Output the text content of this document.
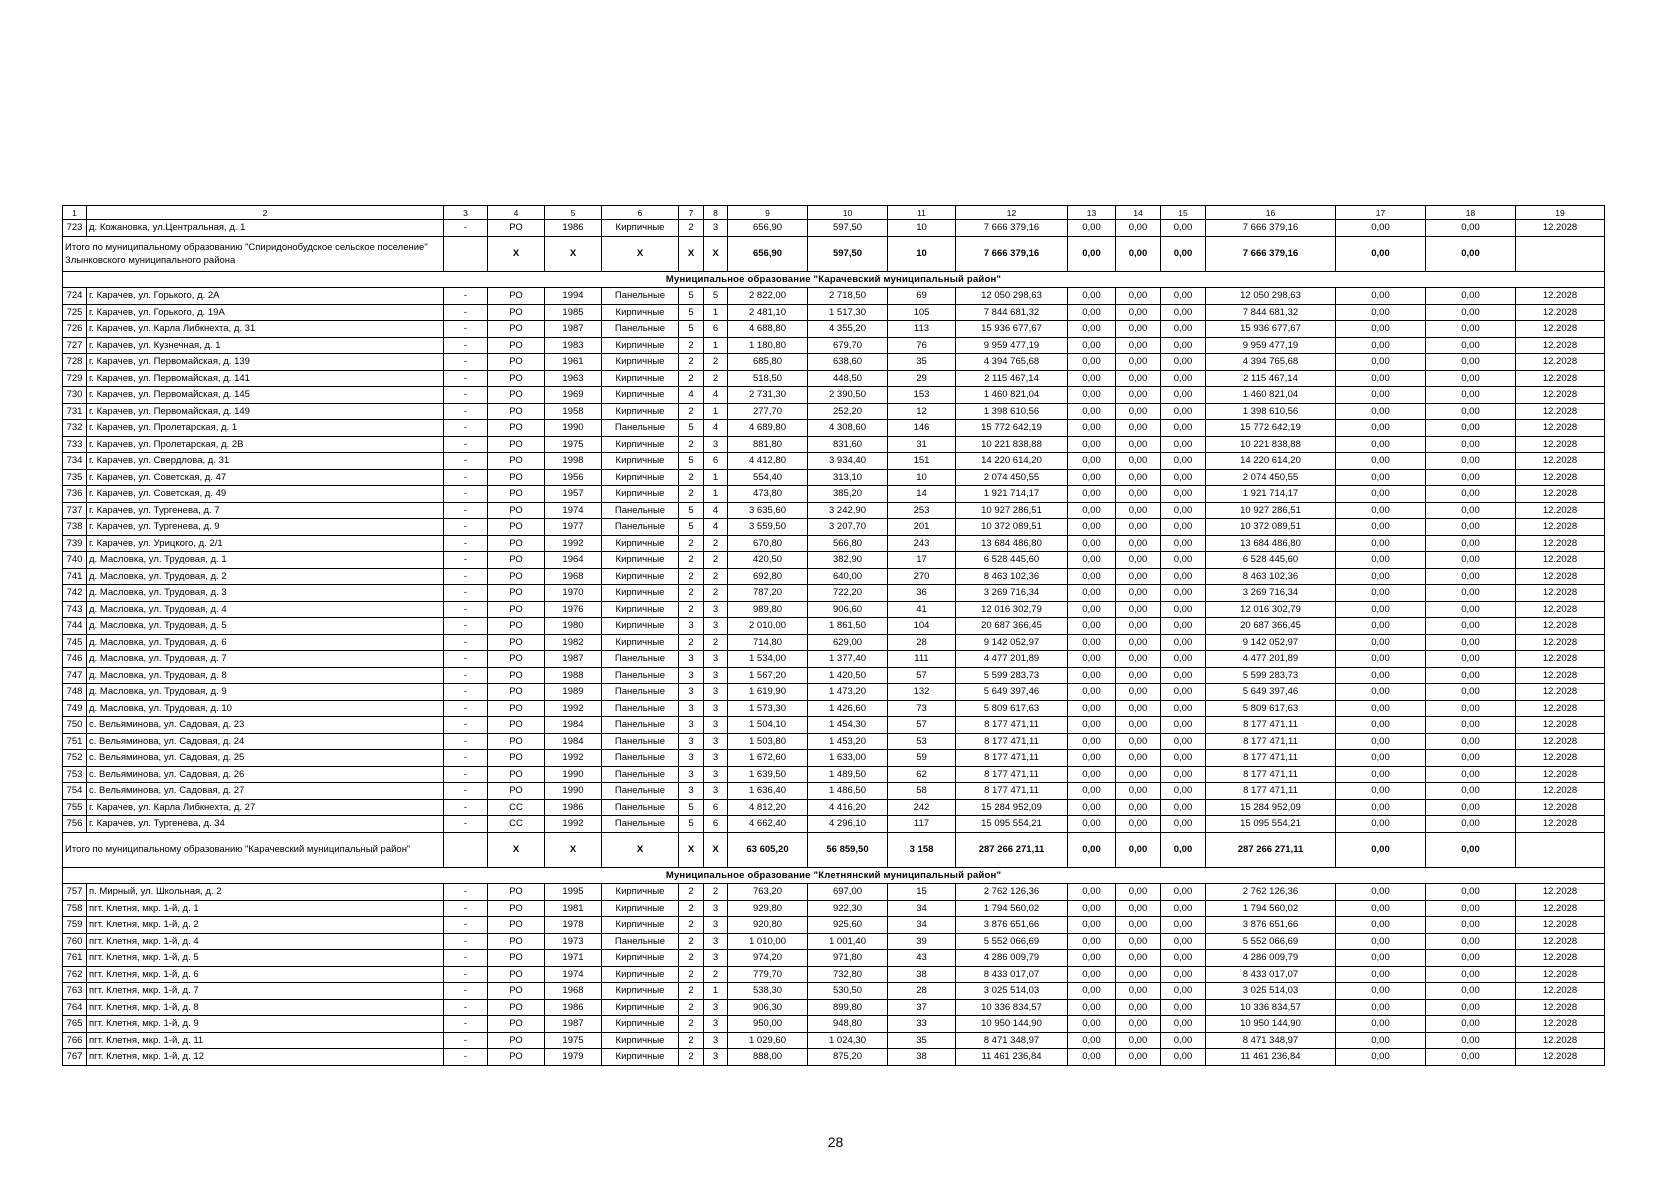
1	2	3	4	5	6	7	8	9	10	11	12	13	14	15	16	17	18	19
723	д. Кожановка, ул.Центральная, д. 1	-	РО	1986	Кирпичные	2	3	656,90	597,50	10	7 666 379,16	0,00	0,00	0,00	7 666 379,16	0,00	0,00	12.2028
Итого по муниципальному образованию "Спиридонобудское сельское поселение" Злынковского муниципального района			X	X	X	X	X	656,90	597,50	10	7 666 379,16	0,00	0,00	0,00	7 666 379,16	0,00	0,00	
Муниципальное образование "Карачевский муниципальный район"																		
724	г. Карачев, ул. Горького, д. 2А	-	РО	1994	Панельные	5	5	2 822,00	2 718,50	69	12 050 298,63	0,00	0,00	0,00	12 050 298,63	0,00	0,00	12.2028
725	г. Карачев, ул. Горького, д. 19А	-	РО	1985	Кирпичные	5	1	2 481,10	1 517,30	105	7 844 681,32	0,00	0,00	0,00	7 844 681,32	0,00	0,00	12.2028
726	г. Карачев, ул. Карла Либкнехта, д. 31	-	РО	1987	Панельные	5	6	4 688,80	4 355,20	113	15 936 677,67	0,00	0,00	0,00	15 936 677,67	0,00	0,00	12.2028
727	г. Карачев, ул. Кузнечная, д. 1	-	РО	1983	Кирпичные	2	1	1 180,80	679,70	76	9 959 477,19	0,00	0,00	0,00	9 959 477,19	0,00	0,00	12.2028
728	г. Карачев, ул. Первомайская, д. 139	-	РО	1961	Кирпичные	2	2	685,80	638,60	35	4 394 765,68	0,00	0,00	0,00	4 394 765,68	0,00	0,00	12.2028
729	г. Карачев, ул. Первомайская, д. 141	-	РО	1963	Кирпичные	2	2	518,50	448,50	29	2 115 467,14	0,00	0,00	0,00	2 115 467,14	0,00	0,00	12.2028
730	г. Карачев, ул. Первомайская, д. 145	-	РО	1969	Кирпичные	4	4	2 731,30	2 390,50	153	1 460 821,04	0,00	0,00	0,00	1 460 821,04	0,00	0,00	12.2028
731	г. Карачев, ул. Первомайская, д. 149	-	РО	1958	Кирпичные	2	1	277,70	252,20	12	1 398 610,56	0,00	0,00	0,00	1 398 610,56	0,00	0,00	12.2028
732	г. Карачев, ул. Пролетарская, д. 1	-	РО	1990	Панельные	5	4	4 689,80	4 308,60	146	15 772 642,19	0,00	0,00	0,00	15 772 642,19	0,00	0,00	12.2028
733	г. Карачев, ул. Пролетарская, д. 2В	-	РО	1975	Кирпичные	2	3	881,80	831,60	31	10 221 838,88	0,00	0,00	0,00	10 221 838,88	0,00	0,00	12.2028
734	г. Карачев, ул. Свердлова, д. 31	-	РО	1998	Кирпичные	5	6	4 412,80	3 934,40	151	14 220 614,20	0,00	0,00	0,00	14 220 614,20	0,00	0,00	12.2028
735	г. Карачев, ул. Советская, д. 47	-	РО	1956	Кирпичные	2	1	554,40	313,10	10	2 074 450,55	0,00	0,00	0,00	2 074 450,55	0,00	0,00	12.2028
736	г. Карачев, ул. Советская, д. 49	-	РО	1957	Кирпичные	2	1	473,80	385,20	14	1 921 714,17	0,00	0,00	0,00	1 921 714,17	0,00	0,00	12.2028
737	г. Карачев, ул. Тургенева, д. 7	-	РО	1974	Панельные	5	4	3 635,60	3 242,90	253	10 927 286,51	0,00	0,00	0,00	10 927 286,51	0,00	0,00	12.2028
738	г. Карачев, ул. Тургенева, д. 9	-	РО	1977	Панельные	5	4	3 559,50	3 207,70	201	10 372 089,51	0,00	0,00	0,00	10 372 089,51	0,00	0,00	12.2028
739	г. Карачев, ул. Урицкого, д. 2/1	-	РО	1992	Кирпичные	2	2	670,80	566,80	243	13 684 486,80	0,00	0,00	0,00	13 684 486,80	0,00	0,00	12.2028
740	д. Масловка, ул. Трудовая, д. 1	-	РО	1964	Кирпичные	2	2	420,50	382,90	17	6 528 445,60	0,00	0,00	0,00	6 528 445,60	0,00	0,00	12.2028
741	д. Масловка, ул. Трудовая, д. 2	-	РО	1968	Кирпичные	2	2	692,80	640,00	270	8 463 102,36	0,00	0,00	0,00	8 463 102,36	0,00	0,00	12.2028
742	д. Масловка, ул. Трудовая, д. 3	-	РО	1970	Кирпичные	2	2	787,20	722,20	36	3 269 716,34	0,00	0,00	0,00	3 269 716,34	0,00	0,00	12.2028
743	д. Масловка, ул. Трудовая, д. 4	-	РО	1976	Кирпичные	2	3	989,80	906,60	41	12 016 302,79	0,00	0,00	0,00	12 016 302,79	0,00	0,00	12.2028
744	д. Масловка, ул. Трудовая, д. 5	-	РО	1980	Кирпичные	3	3	2 010,00	1 861,50	104	20 687 366,45	0,00	0,00	0,00	20 687 366,45	0,00	0,00	12.2028
745	д. Масловка, ул. Трудовая, д. 6	-	РО	1982	Кирпичные	2	2	714,80	629,00	28	9 142 052,97	0,00	0,00	0,00	9 142 052,97	0,00	0,00	12.2028
746	д. Масловка, ул. Трудовая, д. 7	-	РО	1987	Панельные	3	3	1 534,00	1 377,40	111	4 477 201,89	0,00	0,00	0,00	4 477 201,89	0,00	0,00	12.2028
747	д. Масловка, ул. Трудовая, д. 8	-	РО	1988	Панельные	3	3	1 567,20	1 420,50	57	5 599 283,73	0,00	0,00	0,00	5 599 283,73	0,00	0,00	12.2028
748	д. Масловка, ул. Трудовая, д. 9	-	РО	1989	Панельные	3	3	1 619,90	1 473,20	132	5 649 397,46	0,00	0,00	0,00	5 649 397,46	0,00	0,00	12.2028
749	д. Масловка, ул. Трудовая, д. 10	-	РО	1992	Панельные	3	3	1 573,30	1 426,60	73	5 809 617,63	0,00	0,00	0,00	5 809 617,63	0,00	0,00	12.2028
750	с. Вельяминова, ул. Садовая, д. 23	-	РО	1984	Панельные	3	3	1 504,10	1 454,30	57	8 177 471,11	0,00	0,00	0,00	8 177 471,11	0,00	0,00	12.2028
751	с. Вельяминова, ул. Садовая, д. 24	-	РО	1984	Панельные	3	3	1 503,80	1 453,20	53	8 177 471,11	0,00	0,00	0,00	8 177 471,11	0,00	0,00	12.2028
752	с. Вельяминова, ул. Садовая, д. 25	-	РО	1992	Панельные	3	3	1 672,60	1 633,00	59	8 177 471,11	0,00	0,00	0,00	8 177 471,11	0,00	0,00	12.2028
753	с. Вельяминова, ул. Садовая, д. 26	-	РО	1990	Панельные	3	3	1 639,50	1 489,50	62	8 177 471,11	0,00	0,00	0,00	8 177 471,11	0,00	0,00	12.2028
754	с. Вельяминова, ул. Садовая, д. 27	-	РО	1990	Панельные	3	3	1 636,40	1 486,50	58	8 177 471,11	0,00	0,00	0,00	8 177 471,11	0,00	0,00	12.2028
755	г. Карачев, ул. Карла Либкнехта, д. 27	-	СС	1986	Панельные	5	6	4 812,20	4 416,20	242	15 284 952,09	0,00	0,00	0,00	15 284 952,09	0,00	0,00	12.2028
756	г. Карачев, ул. Тургенева, д. 34	-	СС	1992	Панельные	5	6	4 662,40	4 296,10	117	15 095 554,21	0,00	0,00	0,00	15 095 554,21	0,00	0,00	12.2028
Итого по муниципальному образованию "Карачевский муниципальный район"			X	X	X	X	X	63 605,20	56 859,50	3 158	287 266 271,11	0,00	0,00	0,00	287 266 271,11	0,00	0,00	
Муниципальное образование "Клетнянский муниципальный район"																		
757	п. Мирный, ул. Школьная, д. 2	-	РО	1995	Кирпичные	2	2	763,20	697,00	15	2 762 126,36	0,00	0,00	0,00	2 762 126,36	0,00	0,00	12.2028
758	пгт. Клетня, мкр. 1-й, д. 1	-	РО	1981	Кирпичные	2	3	929,80	922,30	34	1 794 560,02	0,00	0,00	0,00	1 794 560,02	0,00	0,00	12.2028
759	пгт. Клетня, мкр. 1-й, д. 2	-	РО	1978	Кирпичные	2	3	920,80	925,60	34	3 876 651,66	0,00	0,00	0,00	3 876 651,66	0,00	0,00	12.2028
760	пгт. Клетня, мкр. 1-й, д. 4	-	РО	1973	Панельные	2	3	1 010,00	1 001,40	39	5 552 066,69	0,00	0,00	0,00	5 552 066,69	0,00	0,00	12.2028
761	пгт. Клетня, мкр. 1-й, д. 5	-	РО	1971	Кирпичные	2	3	974,20	971,80	43	4 286 009,79	0,00	0,00	0,00	4 286 009,79	0,00	0,00	12.2028
762	пгт. Клетня, мкр. 1-й, д. 6	-	РО	1974	Кирпичные	2	2	779,70	732,80	38	8 433 017,07	0,00	0,00	0,00	8 433 017,07	0,00	0,00	12.2028
763	пгт. Клетня, мкр. 1-й, д. 7	-	РО	1968	Кирпичные	2	1	538,30	530,50	28	3 025 514,03	0,00	0,00	0,00	3 025 514,03	0,00	0,00	12.2028
764	пгт. Клетня, мкр. 1-й, д. 8	-	РО	1986	Кирпичные	2	3	906,30	899,80	37	10 336 834,57	0,00	0,00	0,00	10 336 834,57	0,00	0,00	12.2028
765	пгт. Клетня, мкр. 1-й, д. 9	-	РО	1987	Кирпичные	2	3	950,00	948,80	33	10 950 144,90	0,00	0,00	0,00	10 950 144,90	0,00	0,00	12.2028
766	пгт. Клетня, мкр. 1-й, д. 11	-	РО	1975	Кирпичные	2	3	1 029,60	1 024,30	35	8 471 348,97	0,00	0,00	0,00	8 471 348,97	0,00	0,00	12.2028
767	пгт. Клетня, мкр. 1-й, д. 12	-	РО	1979	Кирпичные	2	3	888,00	875,20	38	11 461 236,84	0,00	0,00	0,00	11 461 236,84	0,00	0,00	12.2028
28
